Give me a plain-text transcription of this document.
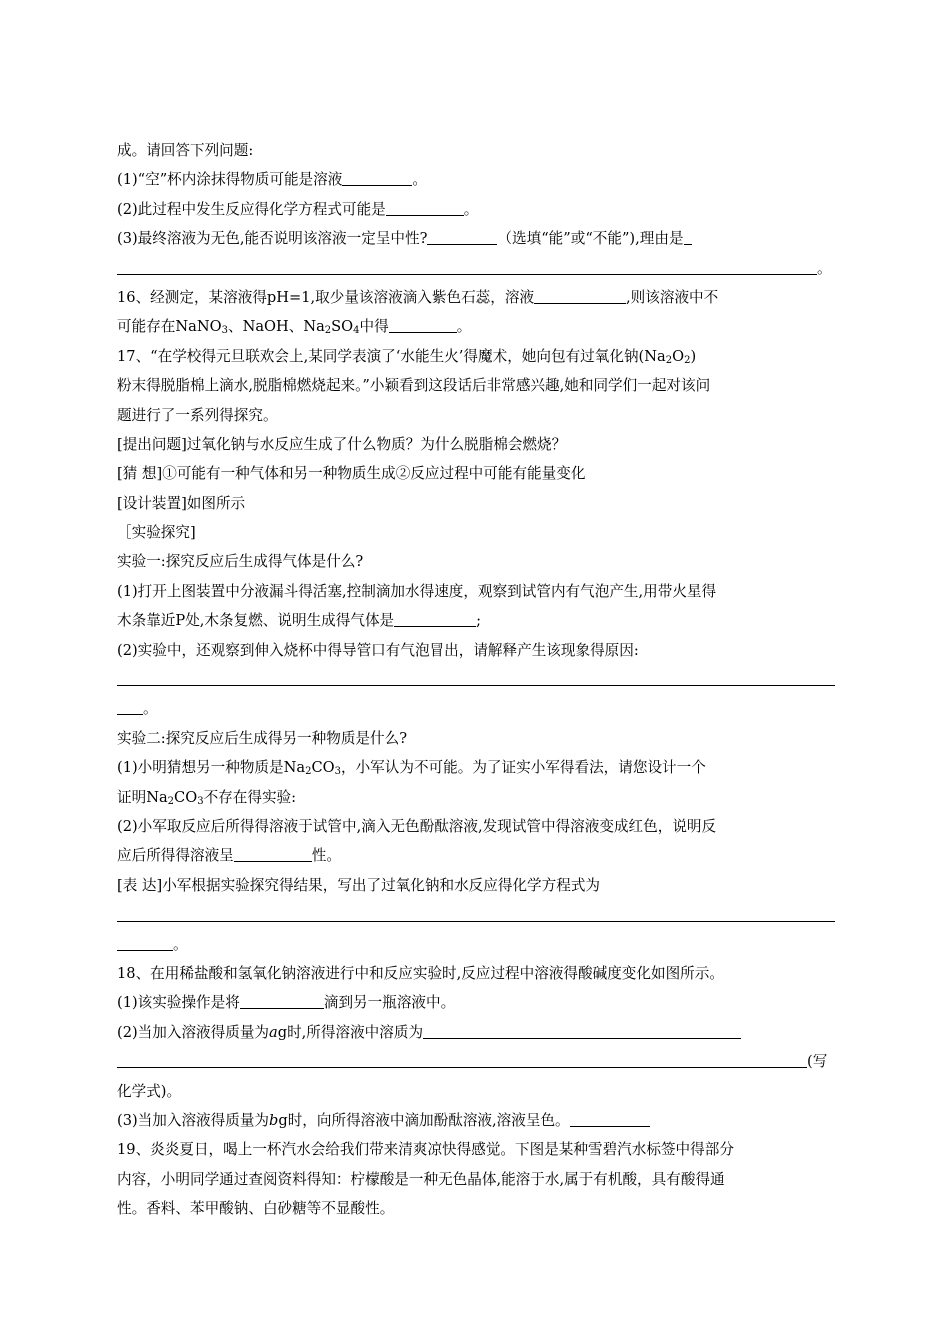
成。请回答下列问题:
(1)“空”杯内涂抹得物质可能是溶液	。
(2)此过程中发生反应得化学方程式可能是	。
(3)最终溶液为无色,能否说明该溶液一定呈中性?	（选填“能”或“不能”),理由是
。
16、经测定，某溶液得pH=1,取少量该溶液滴入紫色石蕊，溶液	,则该溶液中不
可能存在NaNO$_3$、NaOH、$Na_2SO_4$中得	。
17、“在学校得元旦联欢会上,某同学表演了‘水能生火’得魔术，她向包有过氧化钠$(Na_2O_2)$
粉末得脱脂棉上滴水,脱脂棉燃烧起来。”小颖看到这段话后非常感兴趣,她和同学们一起对该问
题进行了一系列得探究。
[提出问题]过氧化钠与水反应生成了什么物质？为什么脱脂棉会燃烧？
[猜 想]①可能有一种气体和另一种物质生成②反应过程中可能有能量变化
[设计装置]如图所示
［实验探究]
实验一:探究反应后生成得气体是什么?
(1)打开上图装置中分液漏斗得活塞,控制滴加水得速度，观察到试管内有气泡产生,用带火星得
木条靠近P处,木条复燃、说明生成得气体是	;
(2)实验中，还观察到伸入烧杯中得导管口有气泡冒出，请解释产生该现象得原因:
。
实验二:探究反应后生成得另一种物质是什么?
(1)小明猜想另一种物质是$Na_2CO_3$，小军认为不可能。为了证实小军得看法，请您设计一个
证明$Na_2CO_3$不存在得实验:
(2)小军取反应后所得得溶液于试管中,滴入无色酚酞溶液,发现试管中得溶液变成红色，说明反
应后所得得溶液呈	性。
[表 达]小军根据实验探究得结果，写出了过氧化钠和水反应得化学方程式为
。
18、在用稀盐酸和氢氧化钠溶液进行中和反应实验时,反应过程中溶液得酸碱度变化如图所示。
(1)该实验操作是将	滴到另一瓶溶液中。
(2)当加入溶液得质量为ag时,所得溶液中溶质为
(写
化学式)。
(3)当加入溶液得质量为bg时，向所得溶液中滴加酚酞溶液,溶液呈色。
19、炎炎夏日，喝上一杯汽水会给我们带来清爽凉快得感觉。下图是某种雪碧汽水标签中得部分
内容，小明同学通过查阅资料得知：柠檬酸是一种无色晶体,能溶于水,属于有机酸，具有酸得通
性。香料、苯甲酸钠、白砂糖等不显酸性。
